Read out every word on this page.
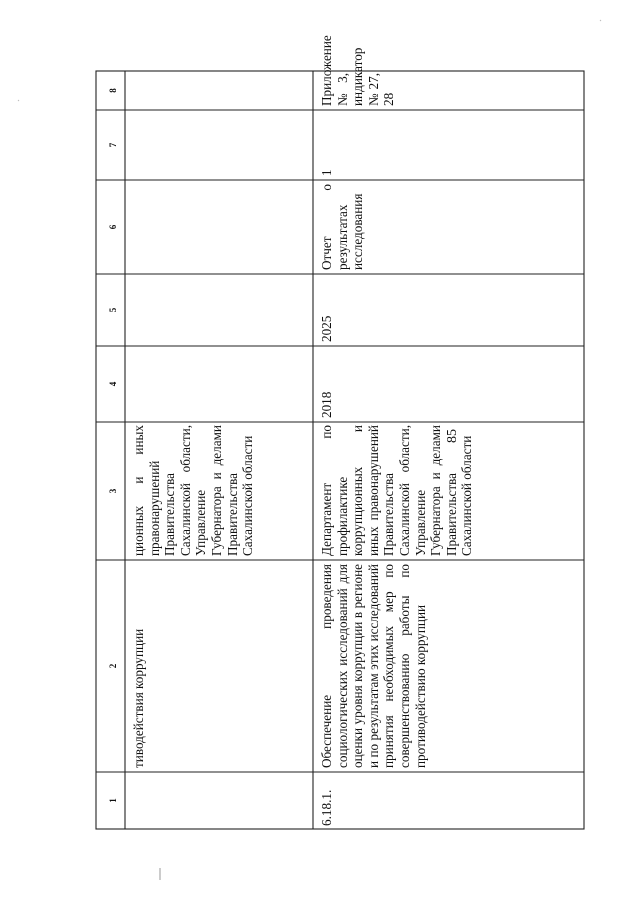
85
1
2
3
4
5
6
7
8
тиводействия коррупции
ционных и иных правонарушений Правительства Сахалинской области, Управление Губернатора и делами Правительства Сахалинской области
6.18.1.
Обеспечение проведения социологических исследований для оценки уровня коррупции в регионе и по результатам этих исследований принятия необходимых мер по совершенствованию работы по противодействию коррупции
Департамент по профилактике коррупционных и иных правонарушений Правительства Сахалинской области, Управление Губернатора и делами Правительства Сахалинской области
2018
2025
Отчет о результатах исследования
1
Приложение № 3, индикатор № 27, 28
